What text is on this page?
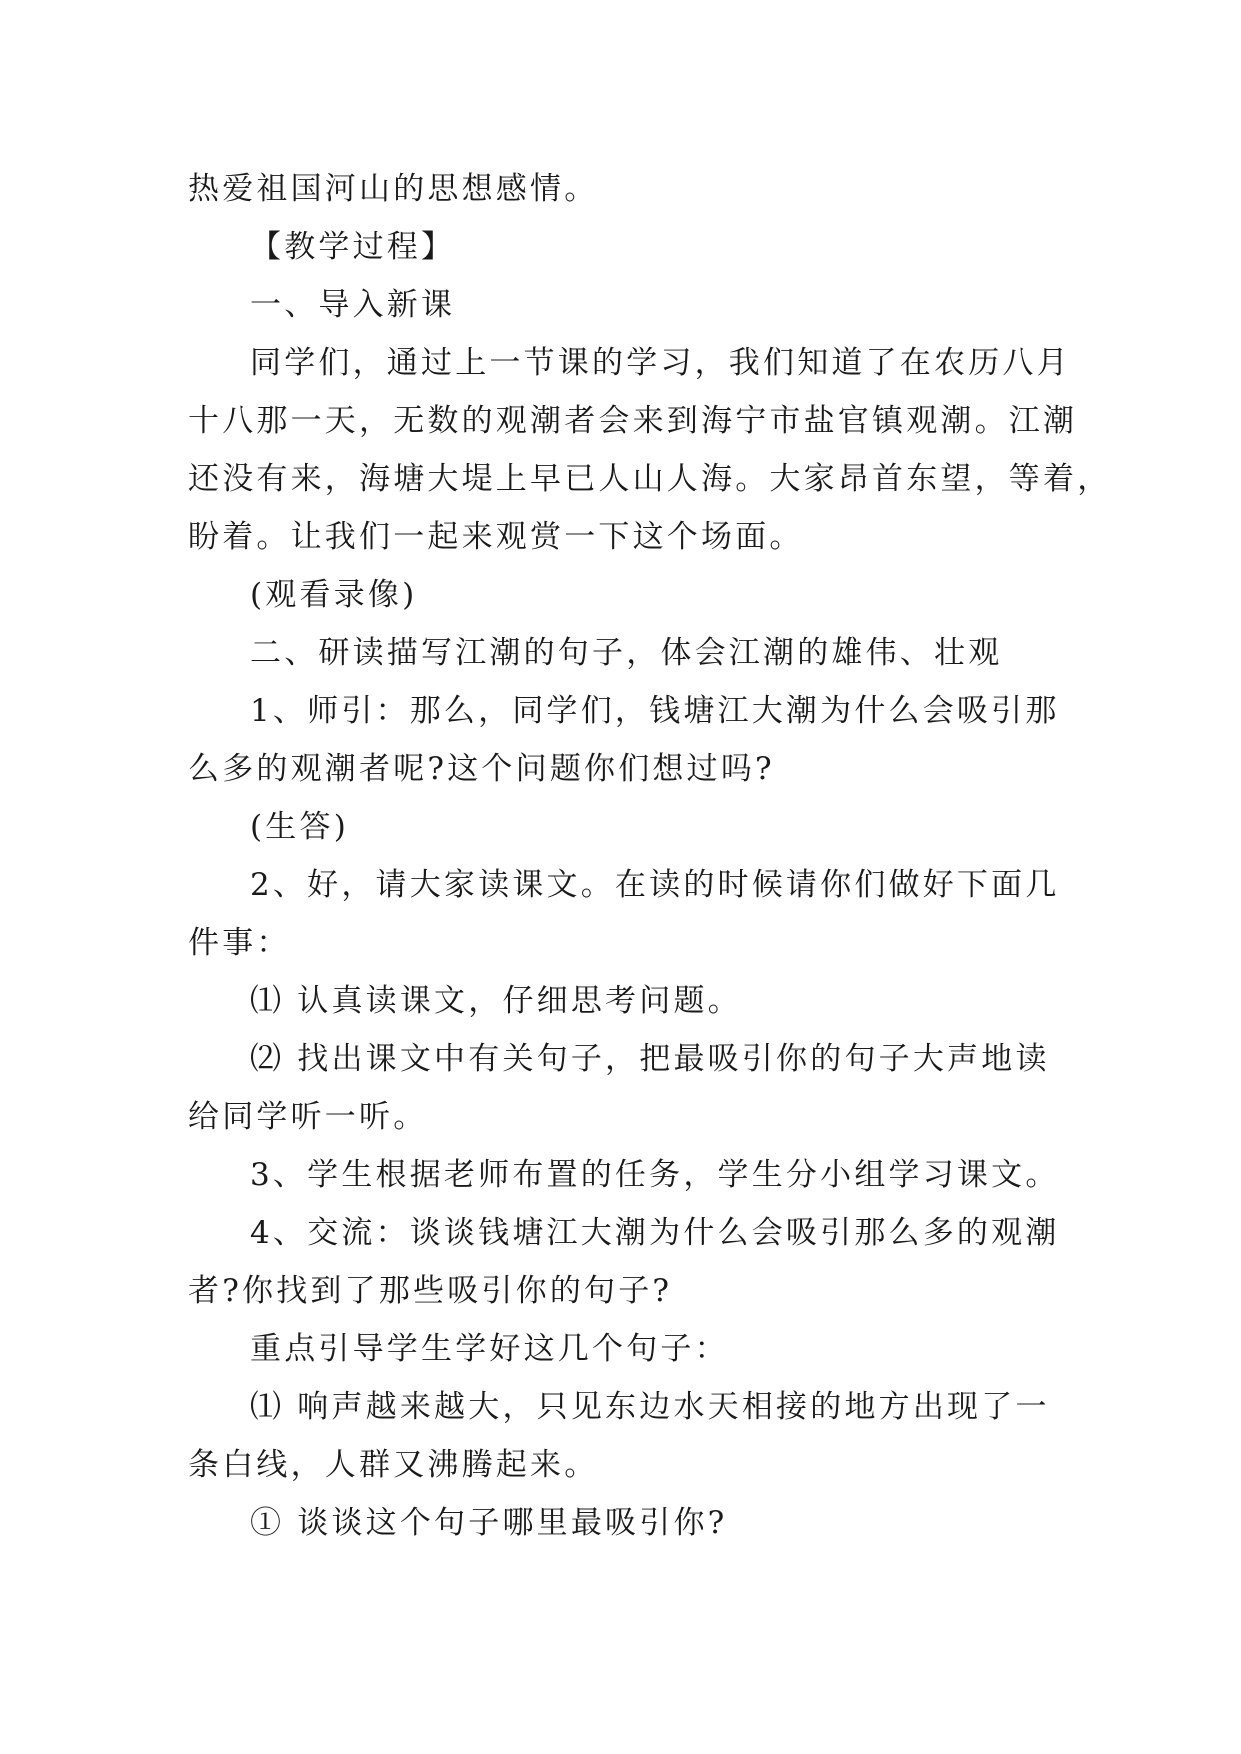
热爱祖国河山的思想感情。

【教学过程】

一、导入新课

同学们，通过上一节课的学习，我们知道了在农历八月

十八那一天，无数的观潮者会来到海宁市盐官镇观潮。江潮

还没有来，海塘大堤上早已人山人海。大家昂首东望，等着，

盼着。让我们一起来观赏一下这个场面。

(观看录像)

二、研读描写江潮的句子，体会江潮的雄伟、壮观

1、师引：那么，同学们，钱塘江大潮为什么会吸引那

么多的观潮者呢?这个问题你们想过吗?

(生答)

2、好，请大家读课文。在读的时候请你们做好下面几

件事：

⑴ 认真读课文，仔细思考问题。

⑵ 找出课文中有关句子，把最吸引你的句子大声地读

给同学听一听。

3、学生根据老师布置的任务，学生分小组学习课文。

4、交流：谈谈钱塘江大潮为什么会吸引那么多的观潮

者?你找到了那些吸引你的句子?

重点引导学生学好这几个句子：

⑴ 响声越来越大，只见东边水天相接的地方出现了一

条白线，人群又沸腾起来。

① 谈谈这个句子哪里最吸引你?
